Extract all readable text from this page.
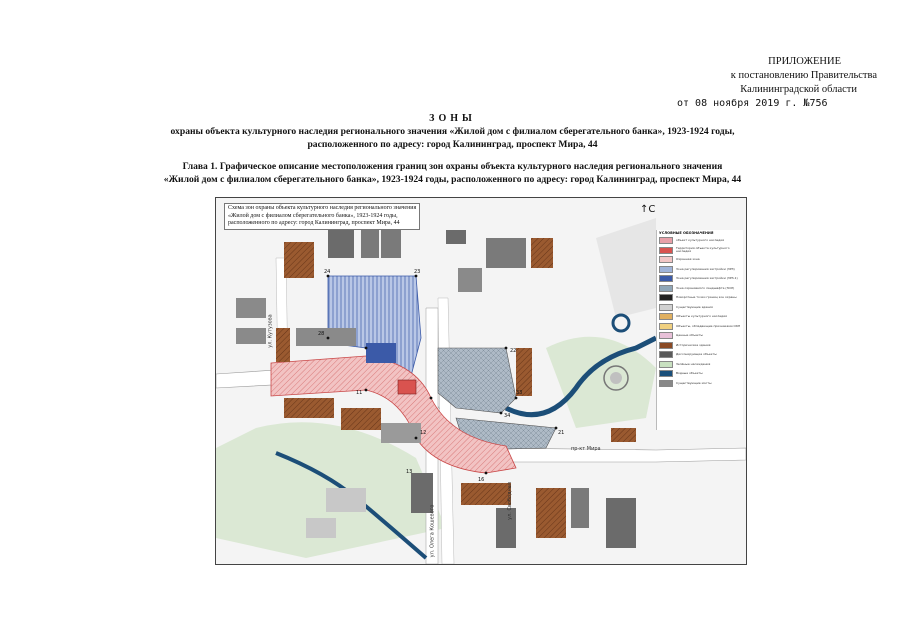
ПРИЛОЖЕНИЕ
к постановлению Правительства
Калининградской области
от 08 ноября 2019 г. №756
ЗОНЫ
охраны объекта культурного наследия регионального значения «Жилой дом с филиалом сберегательного банка», 1923-1924 годы,
расположенного по адресу: город Калининград, проспект Мира, 44
Глава 1. Графическое описание местоположения границ зон охраны объекта культурного наследия регионального значения
«Жилой дом с филиалом сберегательного банка», 1923-1924 годы, расположенного по адресу: город Калининград, проспект Мира, 44
24	23
28
11
12
22
34
33
16
21
13
Схема зон охраны объекта культурного наследия регионального значения
«Жилой дом с филиалом сберегательного банка», 1923-1924 годы,
расположенного по адресу: город Калининград, проспект Мира, 44
↑С
пр-кт Мира
ул. Свободная
ул. Олега Кошевого
ул. Кутузова
УСЛОВНЫЕ ОБОЗНАЧЕНИЯ
объект культурного наследия
Территория объекта культурного наследия
Охранная зона
Зона регулирования застройки (ЗРЗ)
Зона регулирования застройки (ЗРЗ-1)
Зона охраняемого ландшафта (ЗОЛ)
Поворотные точки границ зон охраны
Существующие здания
Объекты культурного наследия
Объекты, обладающие признаками ОКН
Ценные объекты
Исторические здания
Диссонирующие объекты
Зелёные насаждения
Водные объекты
Существующие мосты
